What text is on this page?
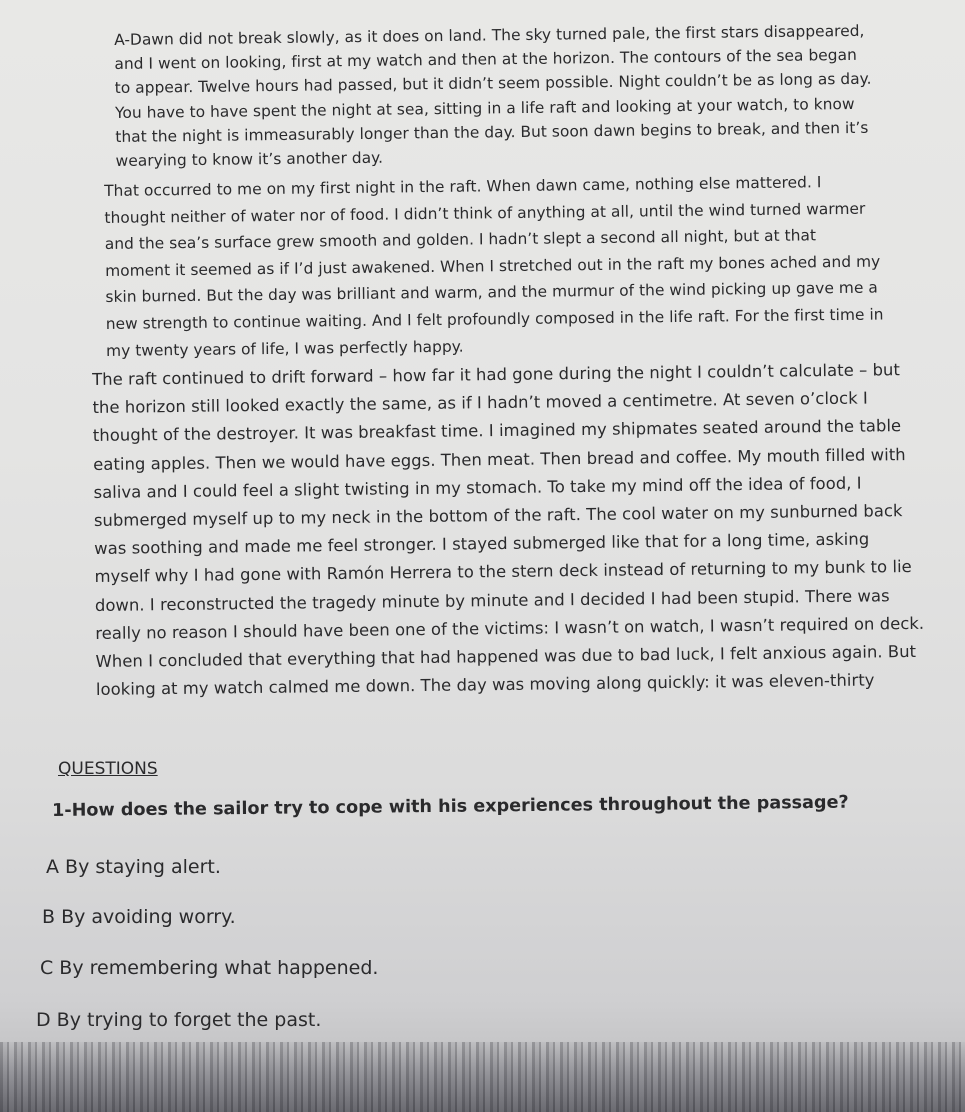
A-Dawn did not break slowly, as it does on land. The sky turned pale, the first stars disappeared, and I went on looking, first at my watch and then at the horizon. The contours of the sea began to appear. Twelve hours had passed, but it didn’t seem possible. Night couldn’t be as long as day. You have to have spent the night at sea, sitting in a life raft and looking at your watch, to know that the night is immeasurably longer than the day. But soon dawn begins to break, and then it’s wearying to know it’s another day.

That occurred to me on my first night in the raft. When dawn came, nothing else mattered. I thought neither of water nor of food. I didn’t think of anything at all, until the wind turned warmer and the sea’s surface grew smooth and golden. I hadn’t slept a second all night, but at that moment it seemed as if I’d just awakened. When I stretched out in the raft my bones ached and my skin burned. But the day was brilliant and warm, and the murmur of the wind picking up gave me a new strength to continue waiting. And I felt profoundly composed in the life raft. For the first time in my twenty years of life, I was perfectly happy.

The raft continued to drift forward – how far it had gone during the night I couldn’t calculate – but the horizon still looked exactly the same, as if I hadn’t moved a centimetre. At seven o’clock I thought of the destroyer. It was breakfast time. I imagined my shipmates seated around the table eating apples. Then we would have eggs. Then meat. Then bread and coffee. My mouth filled with saliva and I could feel a slight twisting in my stomach. To take my mind off the idea of food, I submerged myself up to my neck in the bottom of the raft. The cool water on my sunburned back was soothing and made me feel stronger. I stayed submerged like that for a long time, asking myself why I had gone with Ramón Herrera to the stern deck instead of returning to my bunk to lie down. I reconstructed the tragedy minute by minute and I decided I had been stupid. There was really no reason I should have been one of the victims: I wasn’t on watch, I wasn’t required on deck. When I concluded that everything that had happened was due to bad luck, I felt anxious again. But looking at my watch calmed me down. The day was moving along quickly: it was eleven-thirty

QUESTIONS

1-How does the sailor try to cope with his experiences throughout the passage?

A By staying alert.

B By avoiding worry.

C By remembering what happened.

D By trying to forget the past.
